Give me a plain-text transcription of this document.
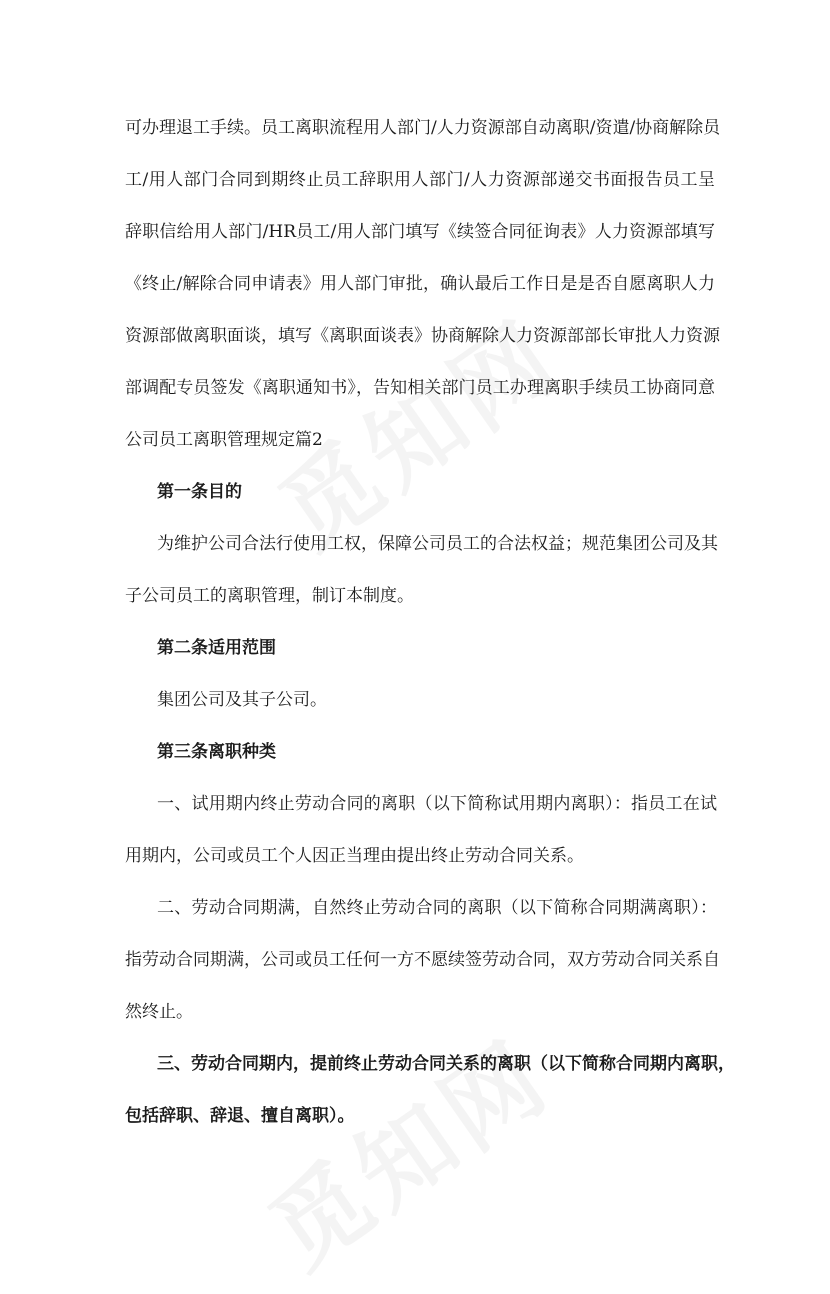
可办理退工手续。员工离职流程用人部门/人力资源部自动离职/资遣/协商解除员
工/用人部门合同到期终止员工辞职用人部门/人力资源部递交书面报告员工呈
辞职信给用人部门/HR员工/用人部门填写《续签合同征询表》人力资源部填写
《终止/解除合同申请表》用人部门审批，确认最后工作日是是否自愿离职人力
资源部做离职面谈，填写《离职面谈表》协商解除人力资源部部长审批人力资源
部调配专员签发《离职通知书》，告知相关部门员工办理离职手续员工协商同意
公司员工离职管理规定篇2
第一条目的
为维护公司合法行使用工权，保障公司员工的合法权益；规范集团公司及其
子公司员工的离职管理，制订本制度。
第二条适用范围
集团公司及其子公司。
第三条离职种类
一、试用期内终止劳动合同的离职（以下简称试用期内离职）：指员工在试
用期内，公司或员工个人因正当理由提出终止劳动合同关系。
二、劳动合同期满，自然终止劳动合同的离职（以下简称合同期满离职）：
指劳动合同期满，公司或员工任何一方不愿续签劳动合同，双方劳动合同关系自
然终止。
三、劳动合同期内，提前终止劳动合同关系的离职（以下简称合同期内离职，
包括辞职、辞退、擅自离职）。
